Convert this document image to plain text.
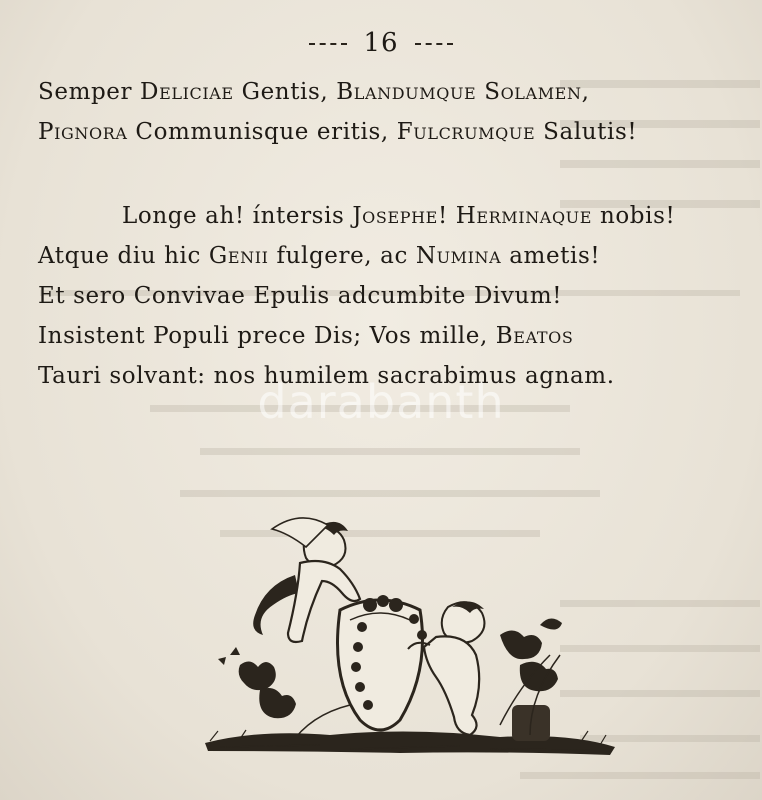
16
Semper Deliciae Gentis, Blandumque Solamen,
Pignora Communisque eritis, Fulcrumque Salutis!
Longe ah! íntersis Josephe! Herminaque nobis!
Atque diu hic Genii fulgere, ac Numina ametis!
Et sero Convivae Epulis adcumbite Divum!
Insistent Populi prece Dis; Vos mille, Beatos
Tauri solvant: nos humilem sacrabimus agnam.
darabanth
